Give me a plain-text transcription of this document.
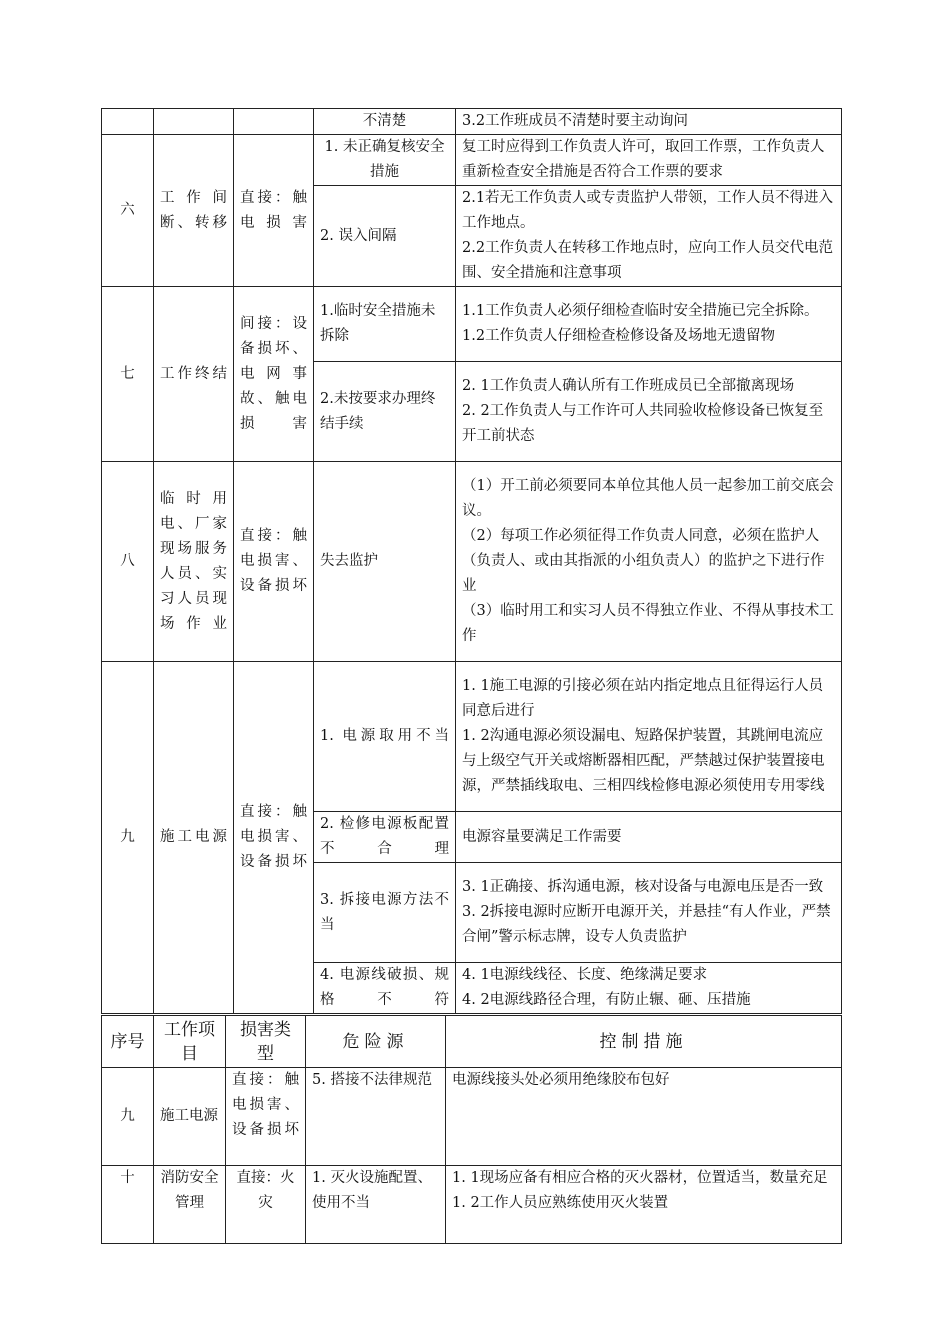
			不清楚	3.2工作班成员不清楚时要主动询问

六	工作间断、转移	直接：触电损害	1. 未正确复核安全措施	复工时应得到工作负责人许可，取回工作票，工作负责人重新检查安全措施是否符合工作票的要求

			2. 误入间隔	2.1若无工作负责人或专责监护人带领，工作人员不得进入工作地点。

2.2工作负责人在转移工作地点时，应向工作人员交代电范围、安全措施和注意事项

七	工作终结	间接：设备损坏、电网事故、触电损害	1.临时安全措施未拆除	1.1工作负责人必须仔细检查临时安全措施已完全拆除。

1.2工作负责人仔细检查检修设备及场地无遗留物

			2.未按要求办理终结手续	2. 1工作负责人确认所有工作班成员已全部撤离现场

2. 2工作负责人与工作许可人共同验收检修设备已恢复至开工前状态

八	临时用电、厂家现场服务人员、实习人员现场作业	直接：触电损害、设备损坏	失去监护	（1）开工前必须要同本单位其他人员一起参加工前交底会议。

（2）每项工作必须征得工作负责人同意，必须在监护人（负责人、或由其指派的小组负责人）的监护之下进行作业

（3）临时用工和实习人员不得独立作业、不得从事技术工作

九	施工电源	直接：触电损害、设备损坏	1. 电源取用不当	1. 1施工电源的引接必须在站内指定地点且征得运行人员同意后进行

1. 2沟通电源必须设漏电、短路保护装置，其跳闸电流应与上级空气开关或熔断器相匹配，严禁越过保护装置接电源，严禁插线取电、三相四线检修电源必须使用专用零线

			2. 检修电源板配置不合理	电源容量要满足工作需要

			3. 拆接电源方法不当	3. 1正确接、拆沟通电源，核对设备与电源电压是否一致

3. 2拆接电源时应断开电源开关，并悬挂“有人作业，严禁合闸”警示标志牌，设专人负责监护

			4. 电源线破损、规格不符	4. 1电源线线径、长度、绝缘满足要求

4. 2电源线路径合理，有防止辗、砸、压措施

序号	工作项目	损害类型	危险源	控制措施
九	施工电源	直接：触电损害、设备损坏	5. 搭接不法律规范	电源线接头处必须用绝缘胶布包好

十	消防安全管理	直接：火灾	1. 灭火设施配置、使用不当	1. 1现场应备有相应合格的灭火器材，位置适当，数量充足

1. 2工作人员应熟练使用灭火装置
